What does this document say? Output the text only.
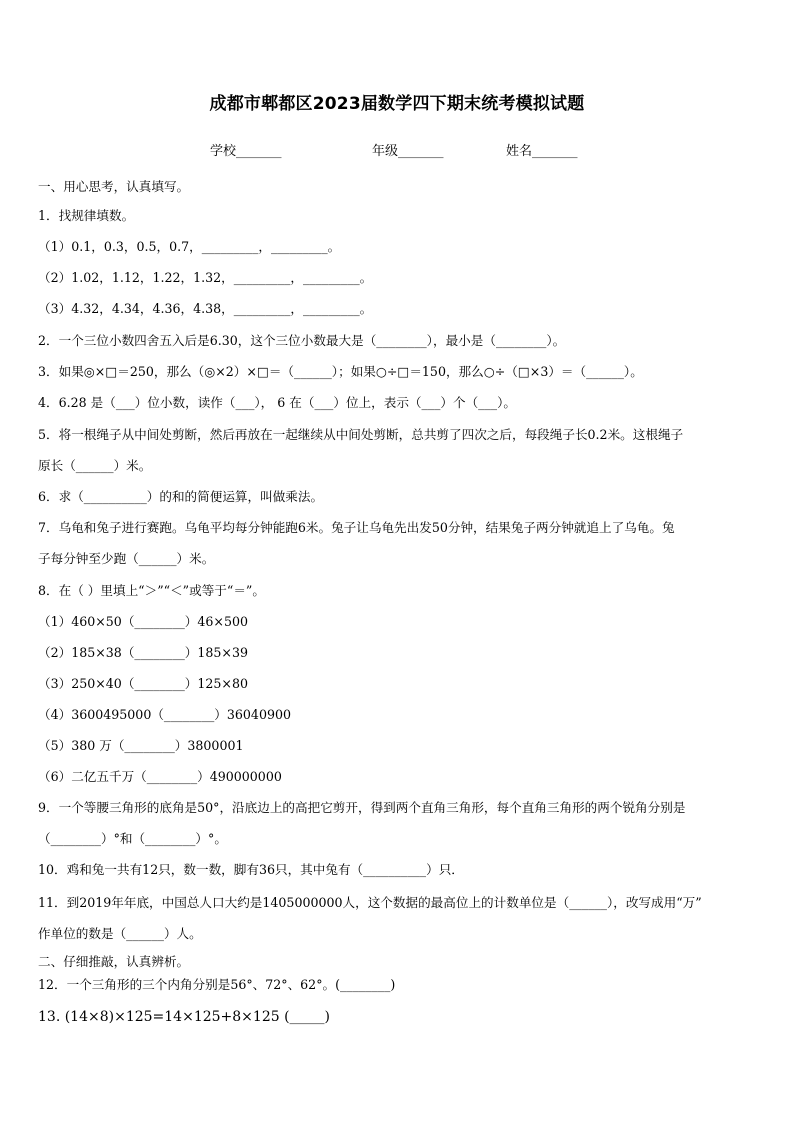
成都市郫都区2023届数学四下期末统考模拟试题
学校_______	年级_______	姓名_______
一、用心思考，认真填写。
1．找规律填数。
（1）0.1，0.3，0.5，0.7，_________，_________。
（2）1.02，1.12，1.22，1.32，_________，_________。
（3）4.32，4.34，4.36，4.38，_________，_________。
2．一个三位小数四舍五入后是6.30，这个三位小数最大是（________），最小是（________）。
3．如果◎×□＝250，那么（◎×2）×□＝（______）；如果○÷□＝150，那么○÷（□×3）＝（______）。
4．6.28 是（___）位小数，读作（___）， 6 在（___）位上，表示（___）个（___）。
5．将一根绳子从中间处剪断，然后再放在一起继续从中间处剪断，总共剪了四次之后，每段绳子长0.2米。这根绳子
原长（______）米。
6．求（__________）的和的简便运算，叫做乘法。
7．乌龟和兔子进行赛跑。乌龟平均每分钟能跑6米。兔子让乌龟先出发50分钟，结果兔子两分钟就追上了乌龟。兔
子每分钟至少跑（______）米。
8．在（ ）里填上“＞”“＜”或等于“＝”。
（1）460×50（________）46×500
（2）185×38（________）185×39
（3）250×40（________）125×80
（4）3600495000（________）36040900
（5）380 万（________）3800001
（6）二亿五千万（________）490000000
9．一个等腰三角形的底角是50°，沿底边上的高把它剪开，得到两个直角三角形，每个直角三角形的两个锐角分别是
（________）°和（________）°。
10．鸡和兔一共有12只，数一数，脚有36只，其中兔有（__________）只．
11．到2019年年底，中国总人口大约是1405000000人，这个数据的最高位上的计数单位是（______），改写成用“万”
作单位的数是（______）人。
二、仔细推敲，认真辨析。
12．一个三角形的三个内角分别是56°、72°、62°。(________)
13. (14×8)×125=14×125+8×125 (_____)
